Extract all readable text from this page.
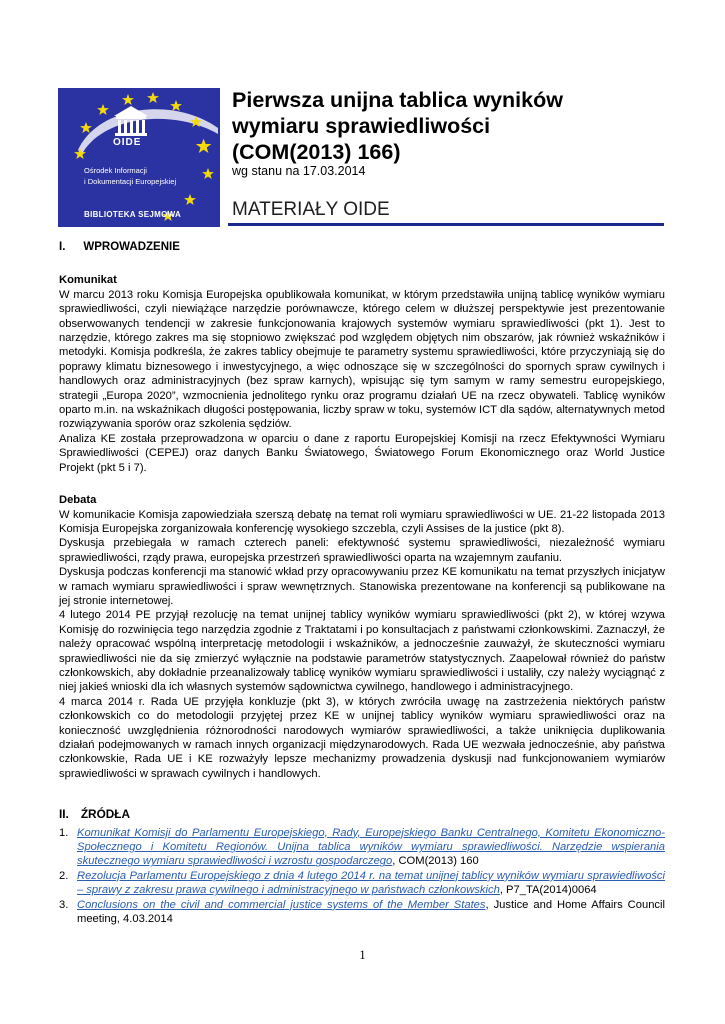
OIDE
Ośrodek Informacji
i Dokumentacji Europejskiej
BIBLIOTEKA SEJMOWA
Pierwsza unijna tablica wyników
wymiaru sprawiedliwości
(COM(2013) 166)
wg stanu na 17.03.2014
MATERIAŁY OIDE
I. WPROWADZENIE
Komunikat
W marcu 2013 roku Komisja Europejska opublikowała komunikat, w którym przedstawiła unijną tablicę wyników wymiaru sprawiedliwości, czyli niewiążące narzędzie porównawcze, którego celem w dłuższej perspektywie jest prezentowanie obserwowanych tendencji w zakresie funkcjonowania krajowych systemów wymiaru sprawiedliwości (pkt 1). Jest to narzędzie, którego zakres ma się stopniowo zwiększać pod względem objętych nim obszarów, jak również wskaźników i metodyki. Komisja podkreśla, że zakres tablicy obejmuje te parametry systemu sprawiedliwości, które przyczyniają się do poprawy klimatu biznesowego i inwestycyjnego, a więc odnoszące się w szczególności do spornych spraw cywilnych i handlowych oraz administracyjnych (bez spraw karnych), wpisując się tym samym w ramy semestru europejskiego, strategii „Europa 2020”, wzmocnienia jednolitego rynku oraz programu działań UE na rzecz obywateli. Tablicę wyników oparto m.in. na wskaźnikach długości postępowania, liczby spraw w toku, systemów ICT dla sądów, alternatywnych metod rozwiązywania sporów oraz szkolenia sędziów.
Analiza KE została przeprowadzona w oparciu o dane z raportu Europejskiej Komisji na rzecz Efektywności Wymiaru Sprawiedliwości (CEPEJ) oraz danych Banku Światowego, Światowego Forum Ekonomicznego oraz World Justice Projekt (pkt 5 i 7).
Debata
W komunikacie Komisja zapowiedziała szerszą debatę na temat roli wymiaru sprawiedliwości w UE. 21-22 listopada 2013 Komisja Europejska zorganizowała konferencję wysokiego szczebla, czyli Assises de la justice (pkt 8).
Dyskusja przebiegała w ramach czterech paneli: efektywność systemu sprawiedliwości, niezależność wymiaru sprawiedliwości, rządy prawa, europejska przestrzeń sprawiedliwości oparta na wzajemnym zaufaniu.
Dyskusja podczas konferencji ma stanowić wkład przy opracowywaniu przez KE komunikatu na temat przyszłych inicjatyw w ramach wymiaru sprawiedliwości i spraw wewnętrznych. Stanowiska prezentowane na konferencji są publikowane na jej stronie internetowej.
4 lutego 2014 PE przyjął rezolucję na temat unijnej tablicy wyników wymiaru sprawiedliwości (pkt 2), w której wzywa Komisję do rozwinięcia tego narzędzia zgodnie z Traktatami i po konsultacjach z państwami członkowskimi. Zaznaczył, że należy opracować wspólną interpretację metodologii i wskaźników, a jednocześnie zauważył, że skuteczności wymiaru sprawiedliwości nie da się zmierzyć wyłącznie na podstawie parametrów statystycznych. Zaapelował również do państw członkowskich, aby dokładnie przeanalizowały tablicę wyników wymiaru sprawiedliwości i ustaliły, czy należy wyciągnąć z niej jakieś wnioski dla ich własnych systemów sądownictwa cywilnego, handlowego i administracyjnego.
4 marca 2014 r. Rada UE przyjęła konkluzje (pkt 3), w których zwróciła uwagę na zastrzeżenia niektórych państw członkowskich co do metodologii przyjętej przez KE w unijnej tablicy wyników wymiaru sprawiedliwości oraz na konieczność uwzględnienia różnorodności narodowych wymiarów sprawiedliwości, a także uniknięcia duplikowania działań podejmowanych w ramach innych organizacji międzynarodowych. Rada UE wezwała jednocześnie, aby państwa członkowskie, Rada UE i KE rozważyły lepsze mechanizmy prowadzenia dyskusji nad funkcjonowaniem wymiarów sprawiedliwości w sprawach cywilnych i handlowych.
II. ŹRÓDŁA
1. Komunikat Komisji do Parlamentu Europejskiego, Rady, Europejskiego Banku Centralnego, Komitetu Ekonomiczno-Społecznego i Komitetu Regionów. Unijna tablica wyników wymiaru sprawiedliwości. Narzędzie wspierania skutecznego wymiaru sprawiedliwości i wzrostu gospodarczego, COM(2013) 160
2. Rezolucja Parlamentu Europejskiego z dnia 4 lutego 2014 r. na temat unijnej tablicy wyników wymiaru sprawiedliwości – sprawy z zakresu prawa cywilnego i administracyjnego w państwach członkowskich, P7_TA(2014)0064
3. Conclusions on the civil and commercial justice systems of the Member States, Justice and Home Affairs Council meeting, 4.03.2014
1
